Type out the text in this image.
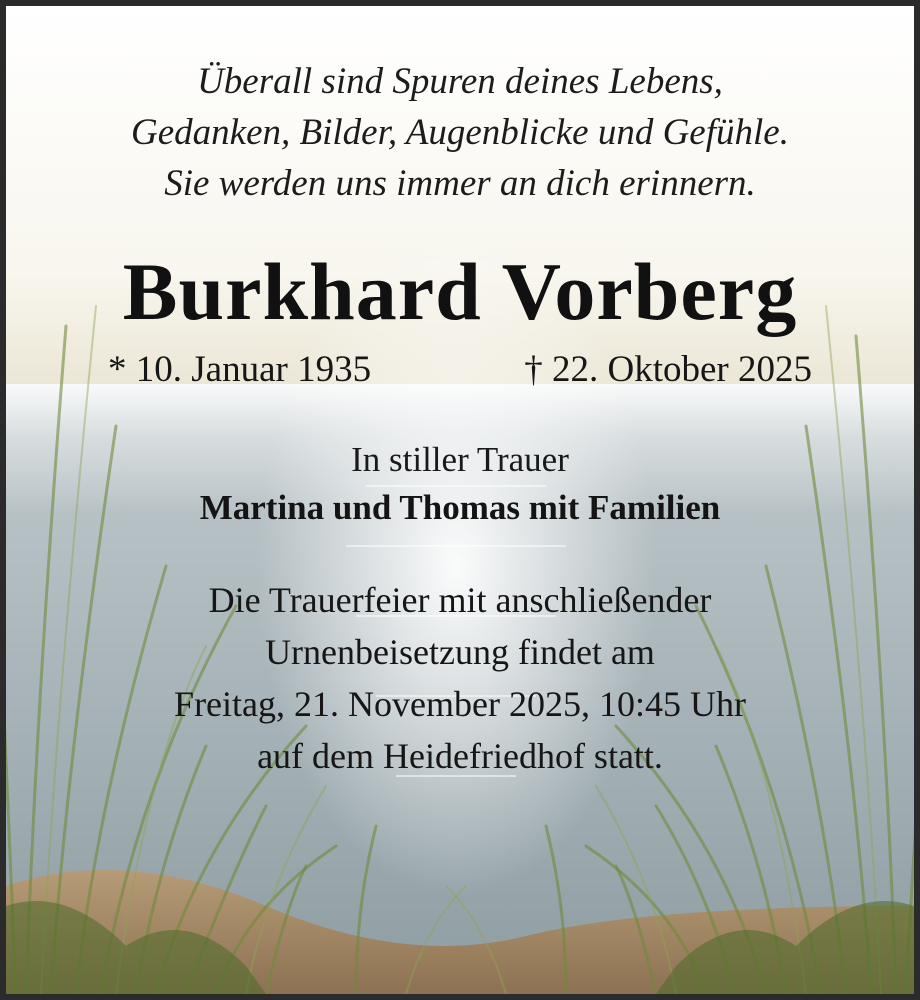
Überall sind Spuren deines Lebens,
Gedanken, Bilder, Augenblicke und Gefühle.
Sie werden uns immer an dich erinnern.
Burkhard Vorberg
* 10. Januar 1935	† 22. Oktober 2025
In stiller Trauer
Martina und Thomas mit Familien
Die Trauerfeier mit anschließender
Urnenbeisetzung findet am
Freitag, 21. November 2025, 10:45 Uhr
auf dem Heidefriedhof statt.
